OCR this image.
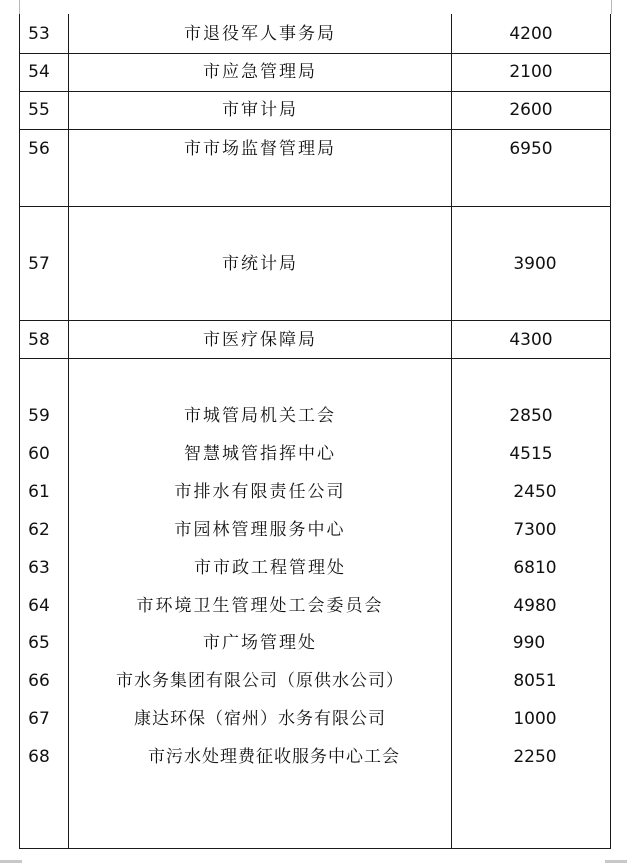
53	市退役军人事务局	4200
54	市应急管理局	2100
55	市审计局	2600
56	市市场监督管理局	6950
57	市统计局	3900
58	市医疗保障局	4300
59	市城管局机关工会	2850
60	智慧城管指挥中心	4515
61	市排水有限责任公司	2450
62	市园林管理服务中心	7300
63	市市政工程管理处	6810
64	市环境卫生管理处工会委员会	4980
65	市广场管理处	990
66	市水务集团有限公司（原供水公司）	8051
67	康达环保（宿州）水务有限公司	1000
68	市污水处理费征收服务中心工会	2250
